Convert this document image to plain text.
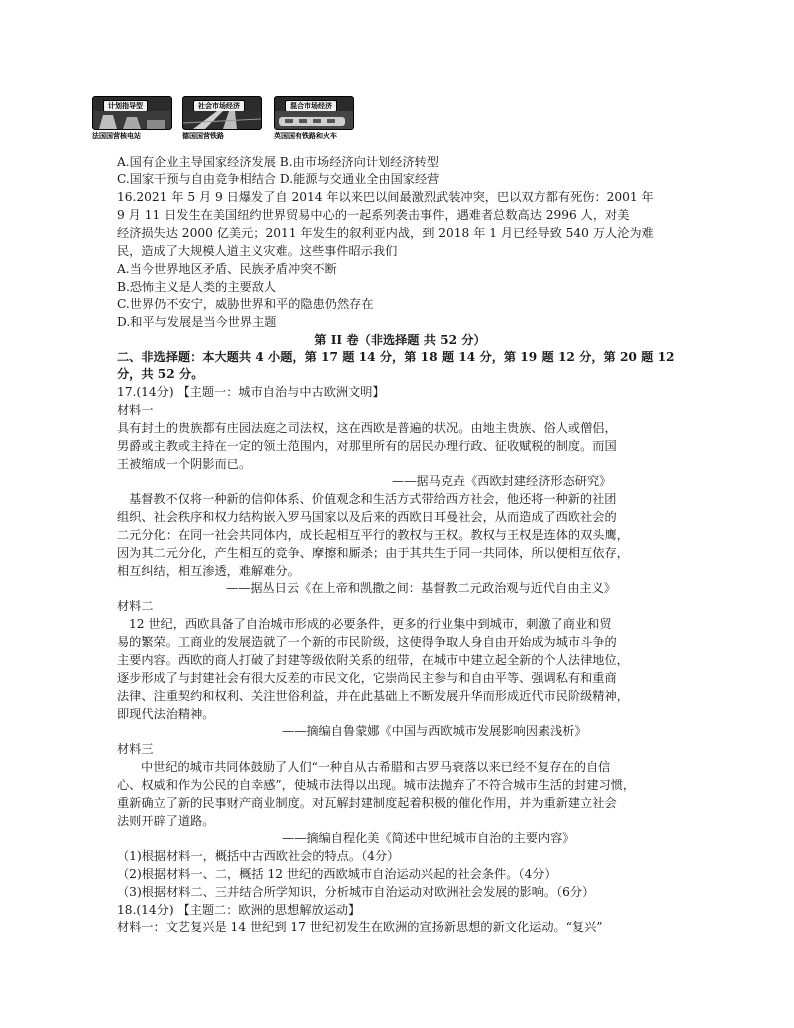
计划指导型
法国国营核电站
社会市场经济
德国国营铁路
混合市场经济
英国国有铁路和火车
A.国有企业主导国家经济发展 B.由市场经济向计划经济转型
C.国家干预与自由竞争相结合 D.能源与交通业全由国家经营
16.2021 年 5 月 9 日爆发了自 2014 年以来巴以间最激烈武装冲突，巴以双方都有死伤：2001 年
9 月 11 日发生在美国纽约世界贸易中心的一起系列袭击事件，遇难者总数高达 2996 人，对美
经济损失达 2000 亿美元；2011 年发生的叙利亚内战，到 2018 年 1 月已经导致 540 万人沦为难
民，造成了大规模人道主义灾难。这些事件昭示我们
A.当今世界地区矛盾、民族矛盾冲突不断
B.恐怖主义是人类的主要敌人
C.世界仍不安宁，威胁世界和平的隐患仍然存在
D.和平与发展是当今世界主题
第 II 卷（非选择题 共 52 分）
二、非选择题：本大题共 4 小题，第 17 题 14 分，第 18 题 14 分，第 19 题 12 分，第 20 题 12
分，共 52 分。
17.(14分) 【主题一：城市自治与中古欧洲文明】
材料一
具有封土的贵族都有庄园法庭之司法权，这在西欧是普遍的状况。由地主贵族、俗人或僧侣，
男爵或主教或主持在一定的领土范围内，对那里所有的居民办理行政、征收赋税的制度。而国
王被缩成一个阴影而已。
——据马克垚《西欧封建经济形态研究》
基督教不仅将一种新的信仰体系、价值观念和生活方式带给西方社会，他还将一种新的社团
组织、社会秩序和权力结构嵌入罗马国家以及后来的西欧日耳曼社会，从而造成了西欧社会的
二元分化：在同一社会共同体内，成长起相互平行的教权与王权。教权与王权是连体的双头鹰，
因为其二元分化，产生相互的竞争、摩擦和厮杀；由于其共生于同一共同体，所以便相互依存，
相互纠结，相互渗透，难解难分。
——据丛日云《在上帝和凯撒之间：基督教二元政治观与近代自由主义》
材料二
12 世纪，西欧具备了自治城市形成的必要条件，更多的行业集中到城市，刺激了商业和贸
易的繁荣。工商业的发展造就了一个新的市民阶级，这使得争取人身自由开始成为城市斗争的
主要内容。西欧的商人打破了封建等级依附关系的纽带，在城市中建立起全新的个人法律地位，
逐步形成了与封建社会有很大反差的市民文化，它崇尚民主参与和自由平等、强调私有和重商
法律、注重契约和权利、关注世俗利益，并在此基础上不断发展升华而形成近代市民阶级精神，
即现代法治精神。
——摘编自鲁蒙娜《中国与西欧城市发展影响因素浅析》
材料三
中世纪的城市共同体鼓励了人们“一种自从古希腊和古罗马衰落以来已经不复存在的自信
心、权威和作为公民的自幸感”，使城市法得以出现。城市法抛弃了不符合城市生活的封建习惯，
重新确立了新的民事财产商业制度。对瓦解封建制度起着积极的催化作用，并为重新建立社会
法则开辟了道路。
——摘编自程化美《简述中世纪城市自治的主要内容》
（1)根据材料一，概括中古西欧社会的特点。（4分）
（2)根据材料一、二，概括 12 世纪的西欧城市自治运动兴起的社会条件。（4分）
（3)根据材料二、三并结合所学知识，分析城市自治运动对欧洲社会发展的影响。（6分）
18.(14分) 【主题二：欧洲的思想解放运动】
材料一：文艺复兴是 14 世纪到 17 世纪初发生在欧洲的宣扬新思想的新文化运动。“复兴”
